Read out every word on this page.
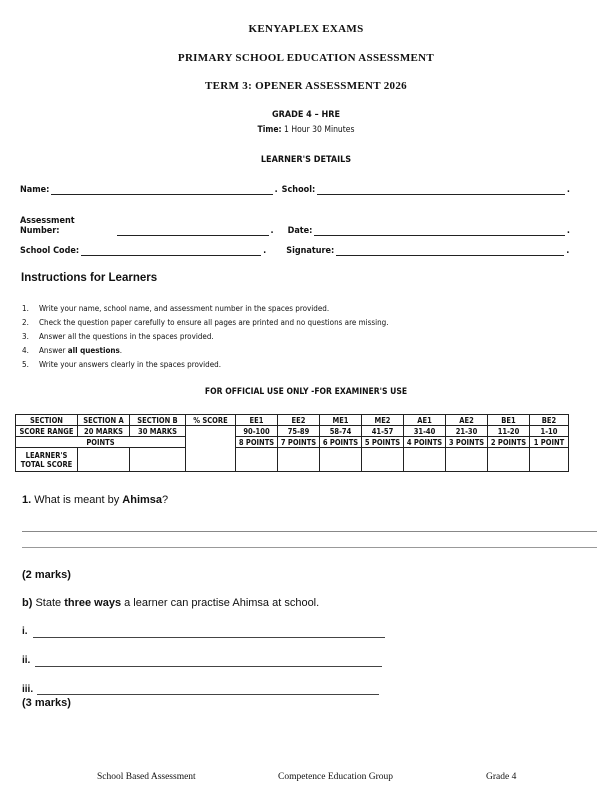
KENYAPLEX EXAMS
PRIMARY SCHOOL EDUCATION ASSESSMENT
TERM 3: OPENER ASSESSMENT 2026
GRADE 4 – HRE
Time: 1 Hour 30 Minutes
LEARNER'S DETAILS
Name:	. School:	.
Assessment Number:	. Date:	.
School Code:	. Signature:	.
Instructions for Learners
1. Write your name, school name, and assessment number in the spaces provided.
2. Check the question paper carefully to ensure all pages are printed and no questions are missing.
3. Answer all the questions in the spaces provided.
4. Answer all questions.
5. Write your answers clearly in the spaces provided.
FOR OFFICIAL USE ONLY -FOR EXAMINER'S USE
SECTION	SECTION A	SECTION B	% SCORE	EE1	EE2	ME1	ME2	AE1	AE2	BE1	BE2
SCORE RANGE	20 MARKS	30 MARKS		90-100	75-89	58-74	41-57	31-40	21-30	11-20	1-10
POINTS				8 POINTS	7 POINTS	6 POINTS	5 POINTS	4 POINTS	3 POINTS	2 POINTS	1 POINT
LEARNER'S TOTAL SCORE											
1. What is meant by Ahimsa?
(2 marks)
b) State three ways a learner can practise Ahimsa at school.
i.
ii.
iii.
(3 marks)
School Based Assessment	Competence Education Group	Grade 4
